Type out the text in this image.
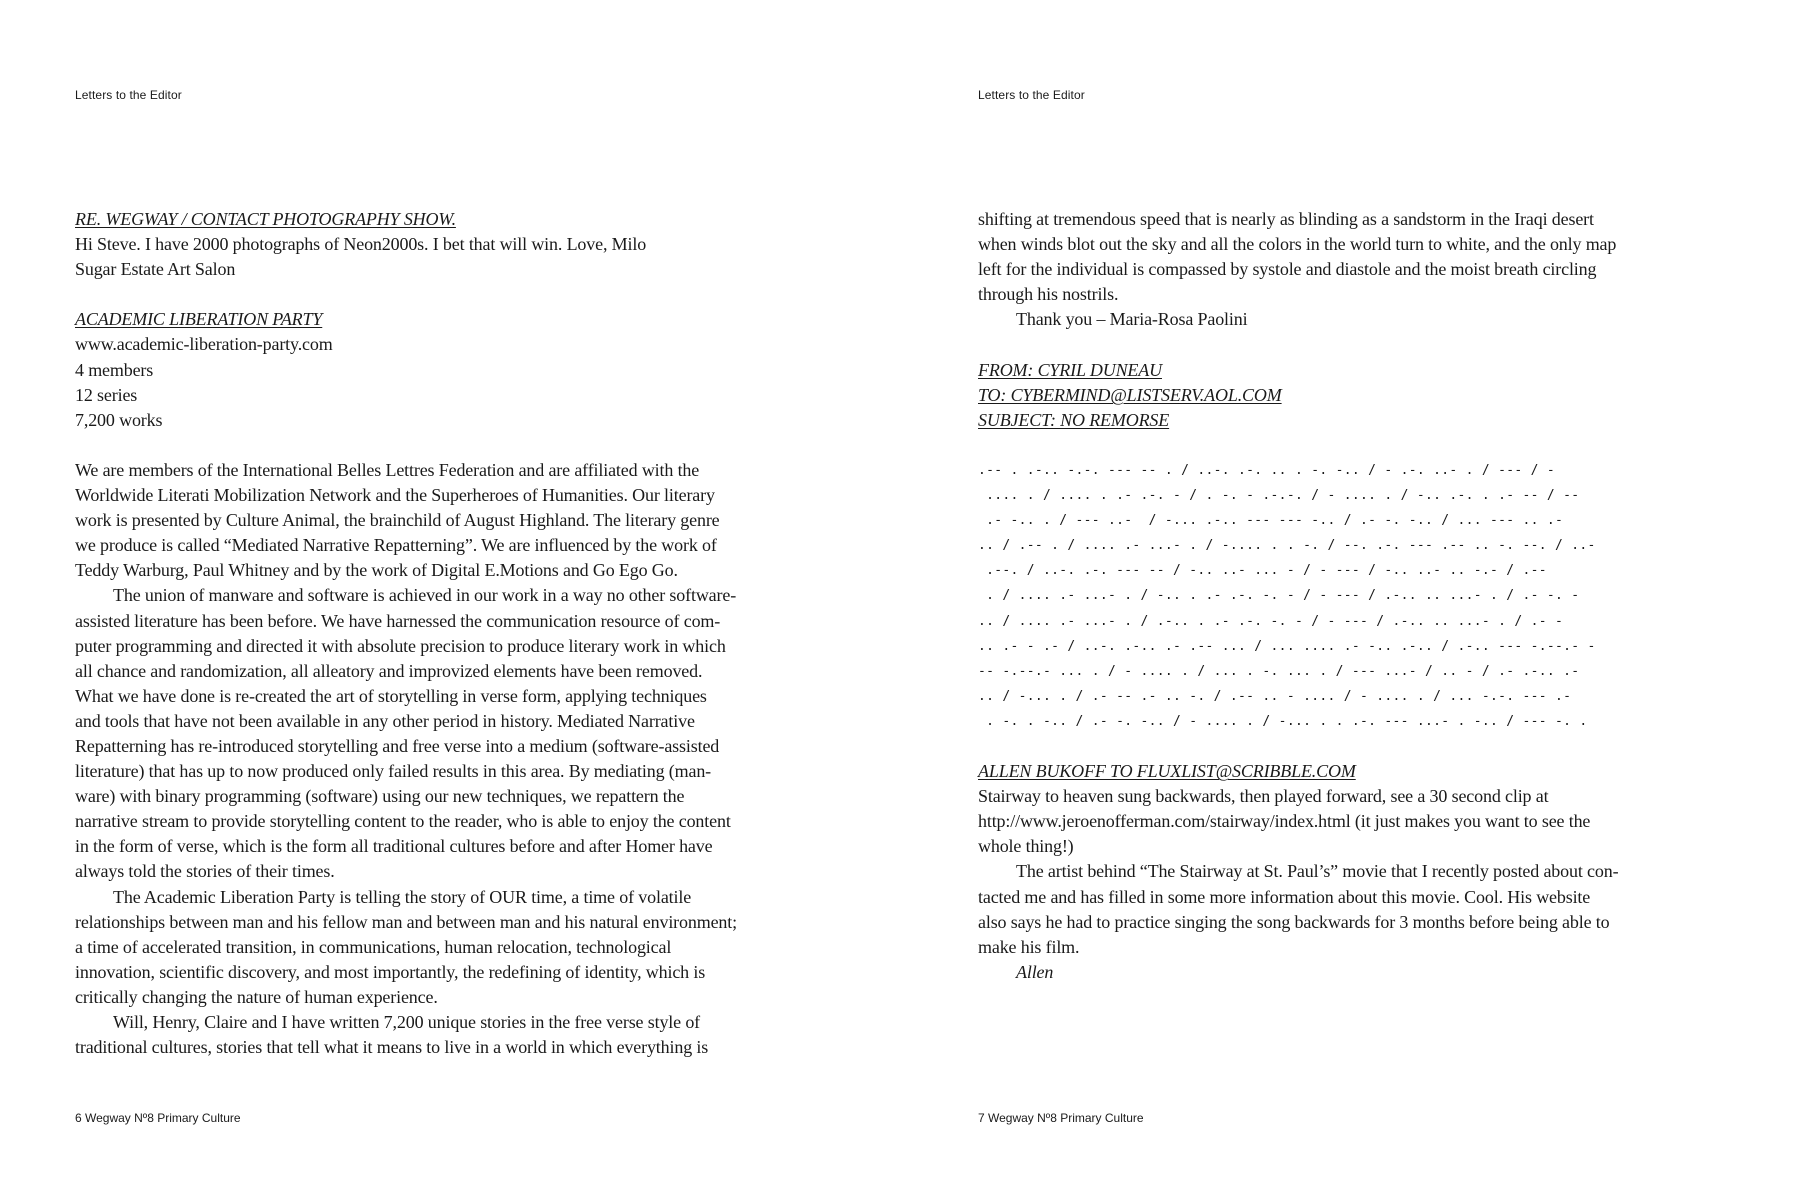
Letters to the Editor
RE. WEGWAY / CONTACT PHOTOGRAPHY SHOW.
Hi Steve. I have 2000 photographs of Neon2000s. I bet that will win. Love, Milo
Sugar Estate Art Salon
ACADEMIC LIBERATION PARTY
www.academic-liberation-party.com
4 members
12 series
7,200 works
We are members of the International Belles Lettres Federation and are affiliated with the
Worldwide Literati Mobilization Network and the Superheroes of Humanities. Our literary
work is presented by Culture Animal, the brainchild of August Highland. The literary genre
we produce is called “Mediated Narrative Repatterning”. We are influenced by the work of
Teddy Warburg, Paul Whitney and by the work of Digital E.Motions and Go Ego Go.
The union of manware and software is achieved in our work in a way no other software-
assisted literature has been before. We have harnessed the communication resource of com-
puter programming and directed it with absolute precision to produce literary work in which
all chance and randomization, all alleatory and improvized elements have been removed.
What we have done is re-created the art of storytelling in verse form, applying techniques
and tools that have not been available in any other period in history. Mediated Narrative
Repatterning has re-introduced storytelling and free verse into a medium (software-assisted
literature) that has up to now produced only failed results in this area. By mediating (man-
ware) with binary programming (software) using our new techniques, we repattern the
narrative stream to provide storytelling content to the reader, who is able to enjoy the content
in the form of verse, which is the form all traditional cultures before and after Homer have
always told the stories of their times.
The Academic Liberation Party is telling the story of OUR time, a time of volatile
relationships between man and his fellow man and between man and his natural environment;
a time of accelerated transition, in communications, human relocation, technological
innovation, scientific discovery, and most importantly, the redefining of identity, which is
critically changing the nature of human experience.
Will, Henry, Claire and I have written 7,200 unique stories in the free verse style of
traditional cultures, stories that tell what it means to live in a world in which everything is
6 Wegway Nº8 Primary Culture
Letters to the Editor
shifting at tremendous speed that is nearly as blinding as a sandstorm in the Iraqi desert
when winds blot out the sky and all the colors in the world turn to white, and the only map
left for the individual is compassed by systole and diastole and the moist breath circling
through his nostrils.
Thank you – Maria-Rosa Paolini
FROM: CYRIL DUNEAU
TO: CYBERMIND@LISTSERV.AOL.COM
SUBJECT: NO REMORSE
.-- . .-.. -.-. --- -- . / ..-. .-. .. . -. -.. / - .-. ..- . / --- / -
.... . / .... . .- .-. - / . -. - .-.-. / - .... . / -.. .-. . .- -- / --
.- -.. . / --- ..-  / -... .-.. --- --- -.. / .- -. -.. / ... --- .. .-
.. / .-- . / .... .- ...- . / -.... . . -. / --. .-. --- .-- .. -. --. / ..-
.--. / ..-. .-. --- -- / -.. ..- ... - / - --- / -.. ..- .. -.- / .--
. / .... .- ...- . / -.. . .- .-. -. - / - --- / .-.. .. ...- . / .- -. -
.. / .... .- ...- . / .-.. . .- .-. -. - / - --- / .-.. .. ...- . / .- -
.. .- - .- / ..-. .-.. .- .-- ... / ... .... .- -.. .-.. / .-.. --- -.--.- -
-- -.--.- ... . / - .... . / ... . -. ... . / --- ...- / .. - / .- .-.. .-
.. / -... . / .- -- .- .. -. / .-- .. - .... / - .... . / ... -.-. --- .-
. -. . -.. / .- -. -.. / - .... . / -... . . .-. --- ...- . -.. / --- -. .
ALLEN BUKOFF TO FLUXLIST@SCRIBBLE.COM
Stairway to heaven sung backwards, then played forward, see a 30 second clip at
http://www.jeroenofferman.com/stairway/index.html (it just makes you want to see the
whole thing!)
The artist behind “The Stairway at St. Paul’s” movie that I recently posted about con-
tacted me and has filled in some more information about this movie. Cool. His website
also says he had to practice singing the song backwards for 3 months before being able to
make his film.
Allen
7 Wegway Nº8 Primary Culture
